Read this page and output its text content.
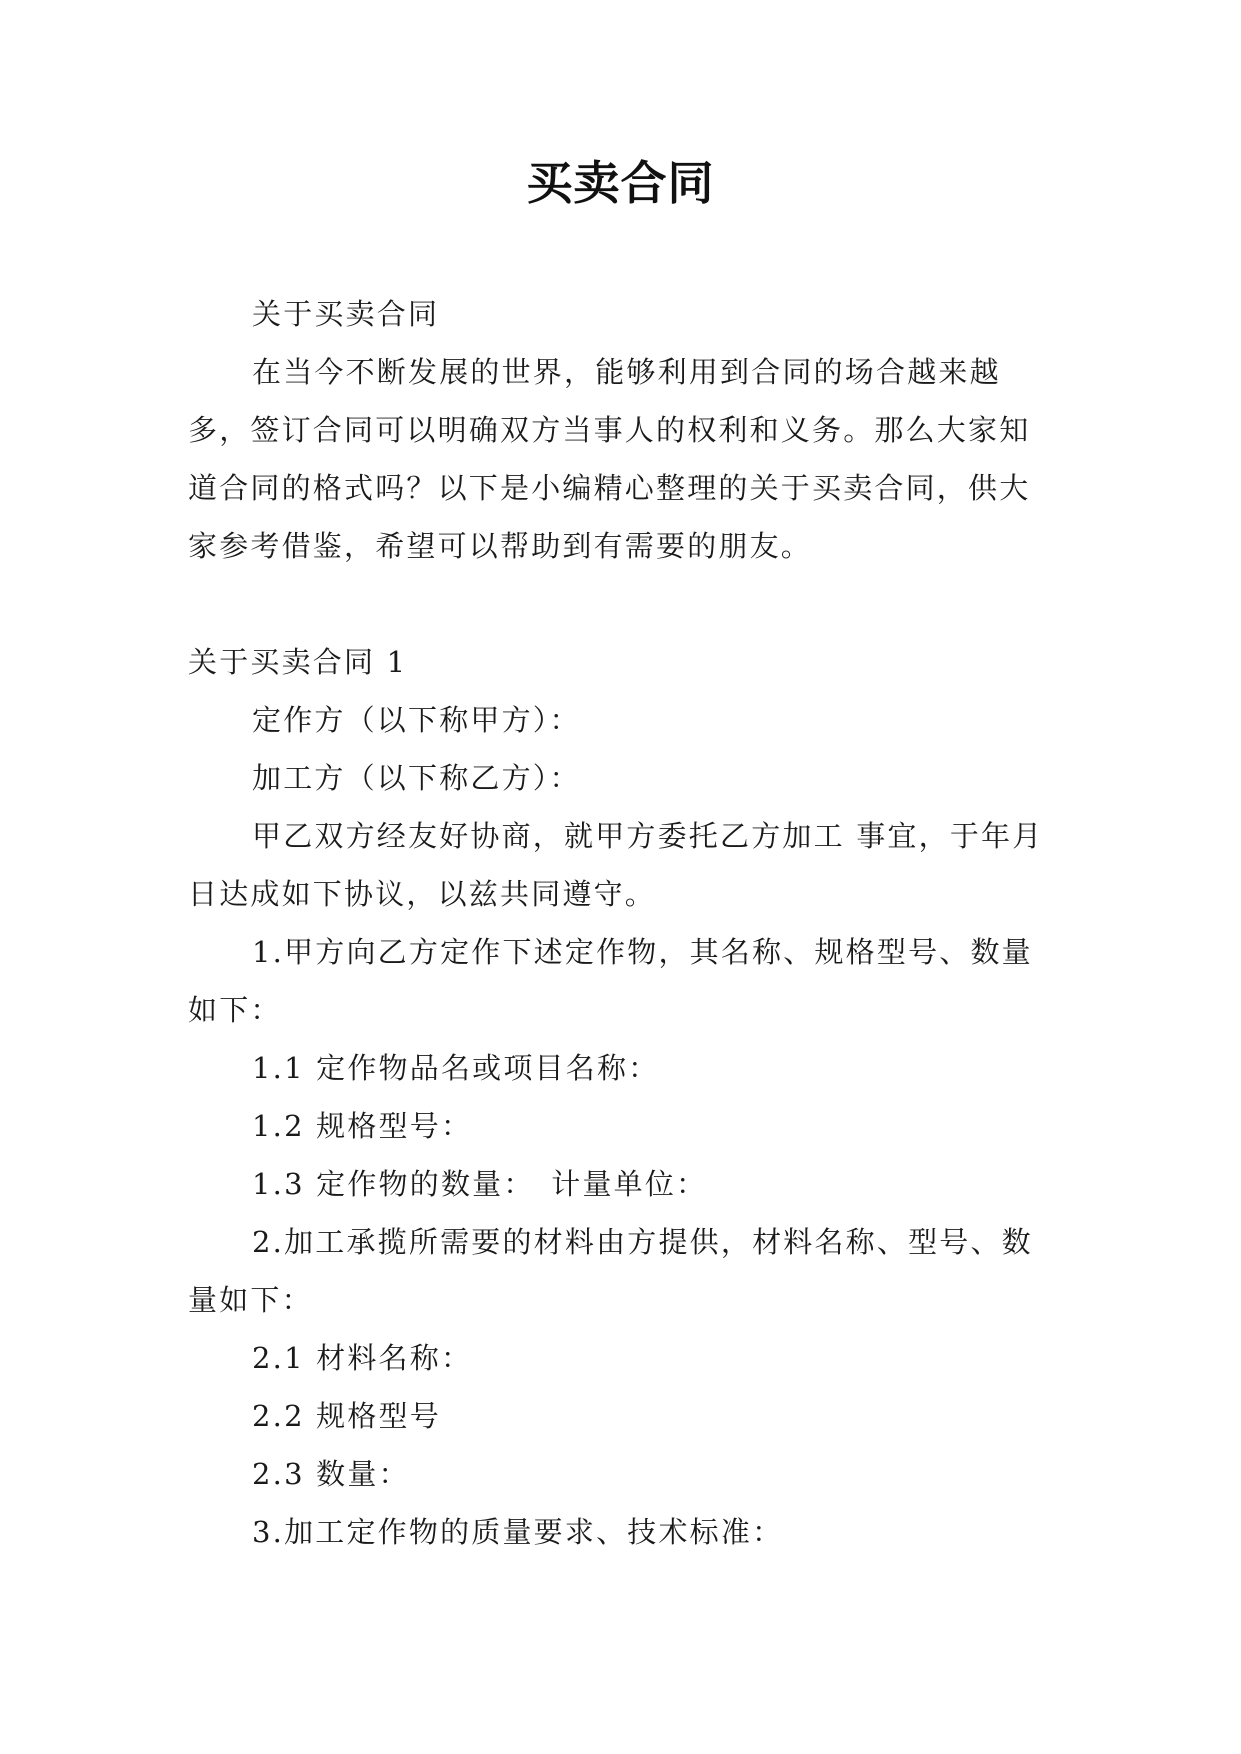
买卖合同

关于买卖合同

在当今不断发展的世界，能够利用到合同的场合越来越多，签订合同可以明确双方当事人的权利和义务。那么大家知道合同的格式吗？以下是小编精心整理的关于买卖合同，供大家参考借鉴，希望可以帮助到有需要的朋友。

关于买卖合同 1

定作方（以下称甲方）：

加工方（以下称乙方）：

甲乙双方经友好协商，就甲方委托乙方加工 事宜，于年月日达成如下协议，以兹共同遵守。

1.甲方向乙方定作下述定作物，其名称、规格型号、数量如下：

1.1 定作物品名或项目名称：

1.2 规格型号：

1.3 定作物的数量：　计量单位：

2.加工承揽所需要的材料由方提供，材料名称、型号、数量如下：

2.1 材料名称：

2.2 规格型号

2.3 数量：

3.加工定作物的质量要求、技术标准：
